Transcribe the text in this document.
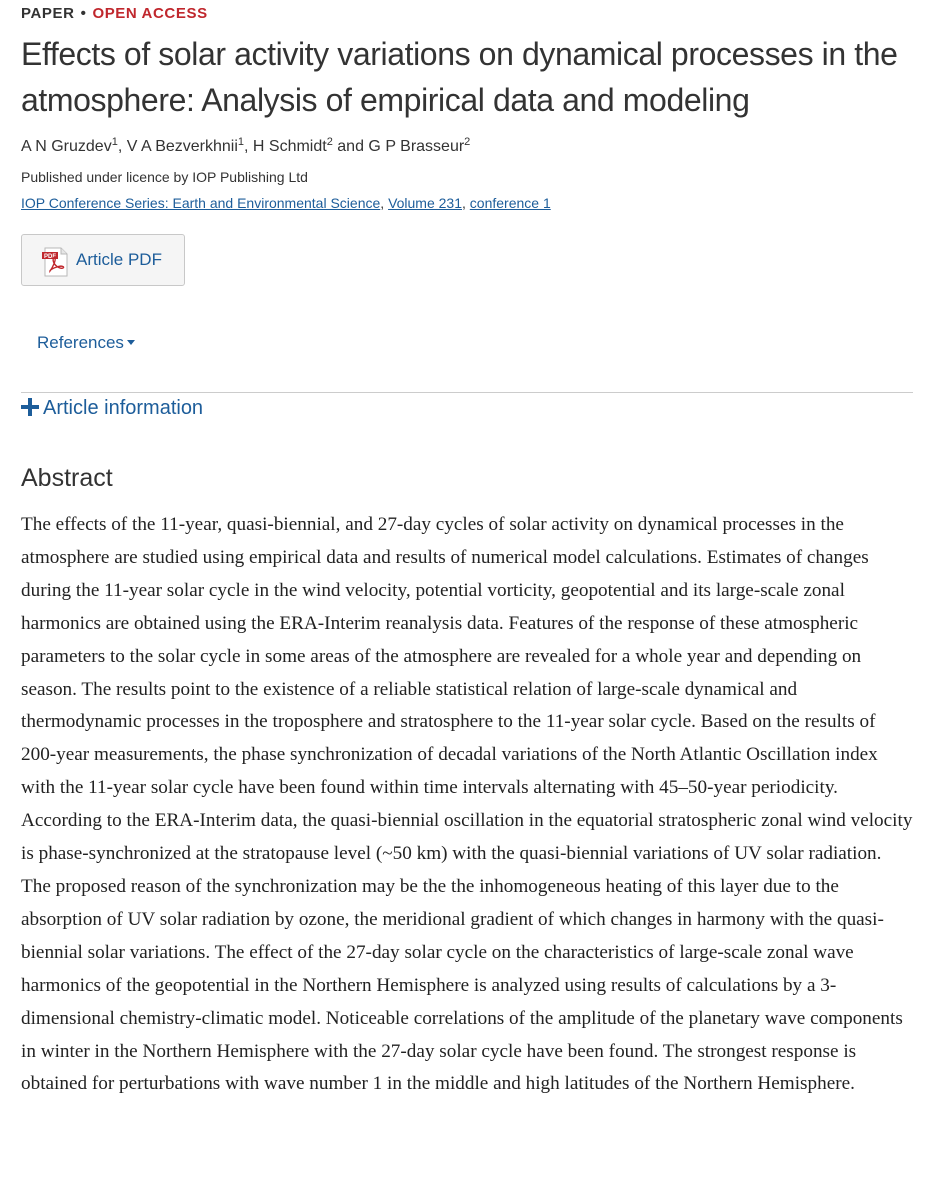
PAPER • OPEN ACCESS
Effects of solar activity variations on dynamical processes in the atmosphere: Analysis of empirical data and modeling
A N Gruzdev$^1$, V A Bezverkhnii$^1$, H Schmidt$^2$ and G P Brasseur$^2$
Published under licence by IOP Publishing Ltd
IOP Conference Series: Earth and Environmental Science, Volume 231, conference 1
PDF Article PDF
References
Article information
Abstract

The effects of the 11-year, quasi-biennial, and 27-day cycles of solar activity on dynamical processes in the atmosphere are studied using empirical data and results of numerical model calculations. Estimates of changes during the 11-year solar cycle in the wind velocity, potential vorticity, geopotential and its large-scale zonal harmonics are obtained using the ERA-Interim reanalysis data. Features of the response of these atmospheric parameters to the solar cycle in some areas of the atmosphere are revealed for a whole year and depending on season. The results point to the existence of a reliable statistical relation of large-scale dynamical and thermodynamic processes in the troposphere and stratosphere to the 11-year solar cycle. Based on the results of 200-year measurements, the phase synchronization of decadal variations of the North Atlantic Oscillation index with the 11-year solar cycle have been found within time intervals alternating with 45–50-year periodicity. According to the ERA-Interim data, the quasi-biennial oscillation in the equatorial stratospheric zonal wind velocity is phase-synchronized at the stratopause level (~50 km) with the quasi-biennial variations of UV solar radiation. The proposed reason of the synchronization may be the the inhomogeneous heating of this layer due to the absorption of UV solar radiation by ozone, the meridional gradient of which changes in harmony with the quasi-biennial solar variations. The effect of the 27-day solar cycle on the characteristics of large-scale zonal wave harmonics of the geopotential in the Northern Hemisphere is analyzed using results of calculations by a 3-dimensional chemistry-climatic model. Noticeable correlations of the amplitude of the planetary wave components in winter in the Northern Hemisphere with the 27-day solar cycle have been found. The strongest response is obtained for perturbations with wave number 1 in the middle and high latitudes of the Northern Hemisphere.
